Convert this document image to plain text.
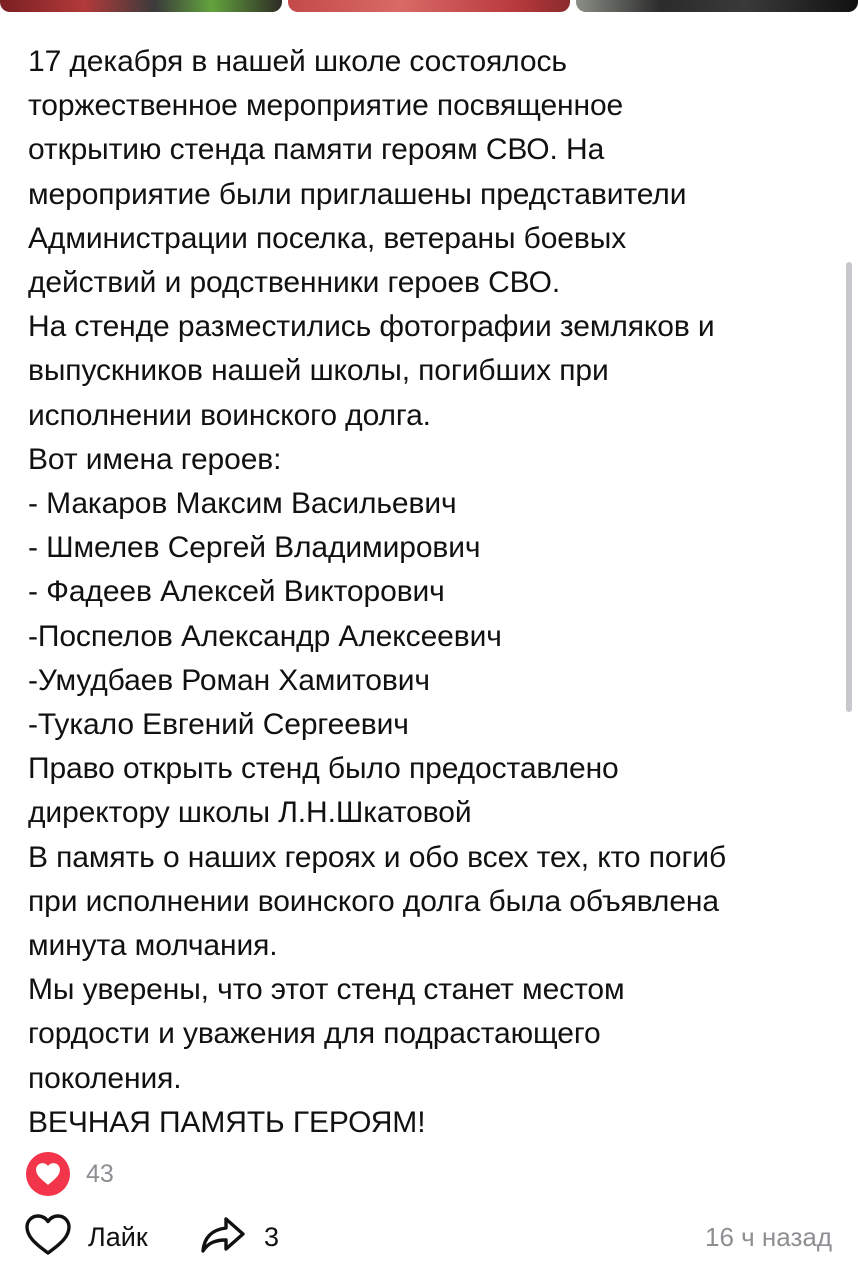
17 декабря в нашей школе состоялось
торжественное мероприятие посвященное
открытию стенда памяти героям СВО. На
мероприятие были приглашены представители
Администрации поселка, ветераны боевых
действий и родственники героев СВО.
На стенде разместились фотографии земляков и
выпускников нашей школы, погибших при
исполнении воинского долга.
Вот имена героев:
- Макаров Максим Васильевич
- Шмелев Сергей Владимирович
- Фадеев Алексей Викторович
-Поспелов Александр Алексеевич
-Умудбаев Роман Хамитович
-Тукало Евгений Сергеевич
Право открыть стенд было предоставлено
директору школы Л.Н.Шкатовой
В память о наших героях и обо всех тех, кто погиб
при исполнении воинского долга была объявлена
минута молчания.
Мы уверены, что этот стенд станет местом
гордости и уважения для подрастающего
поколения.
ВЕЧНАЯ ПАМЯТЬ ГЕРОЯМ!

43
Лайк	3	16 ч назад
